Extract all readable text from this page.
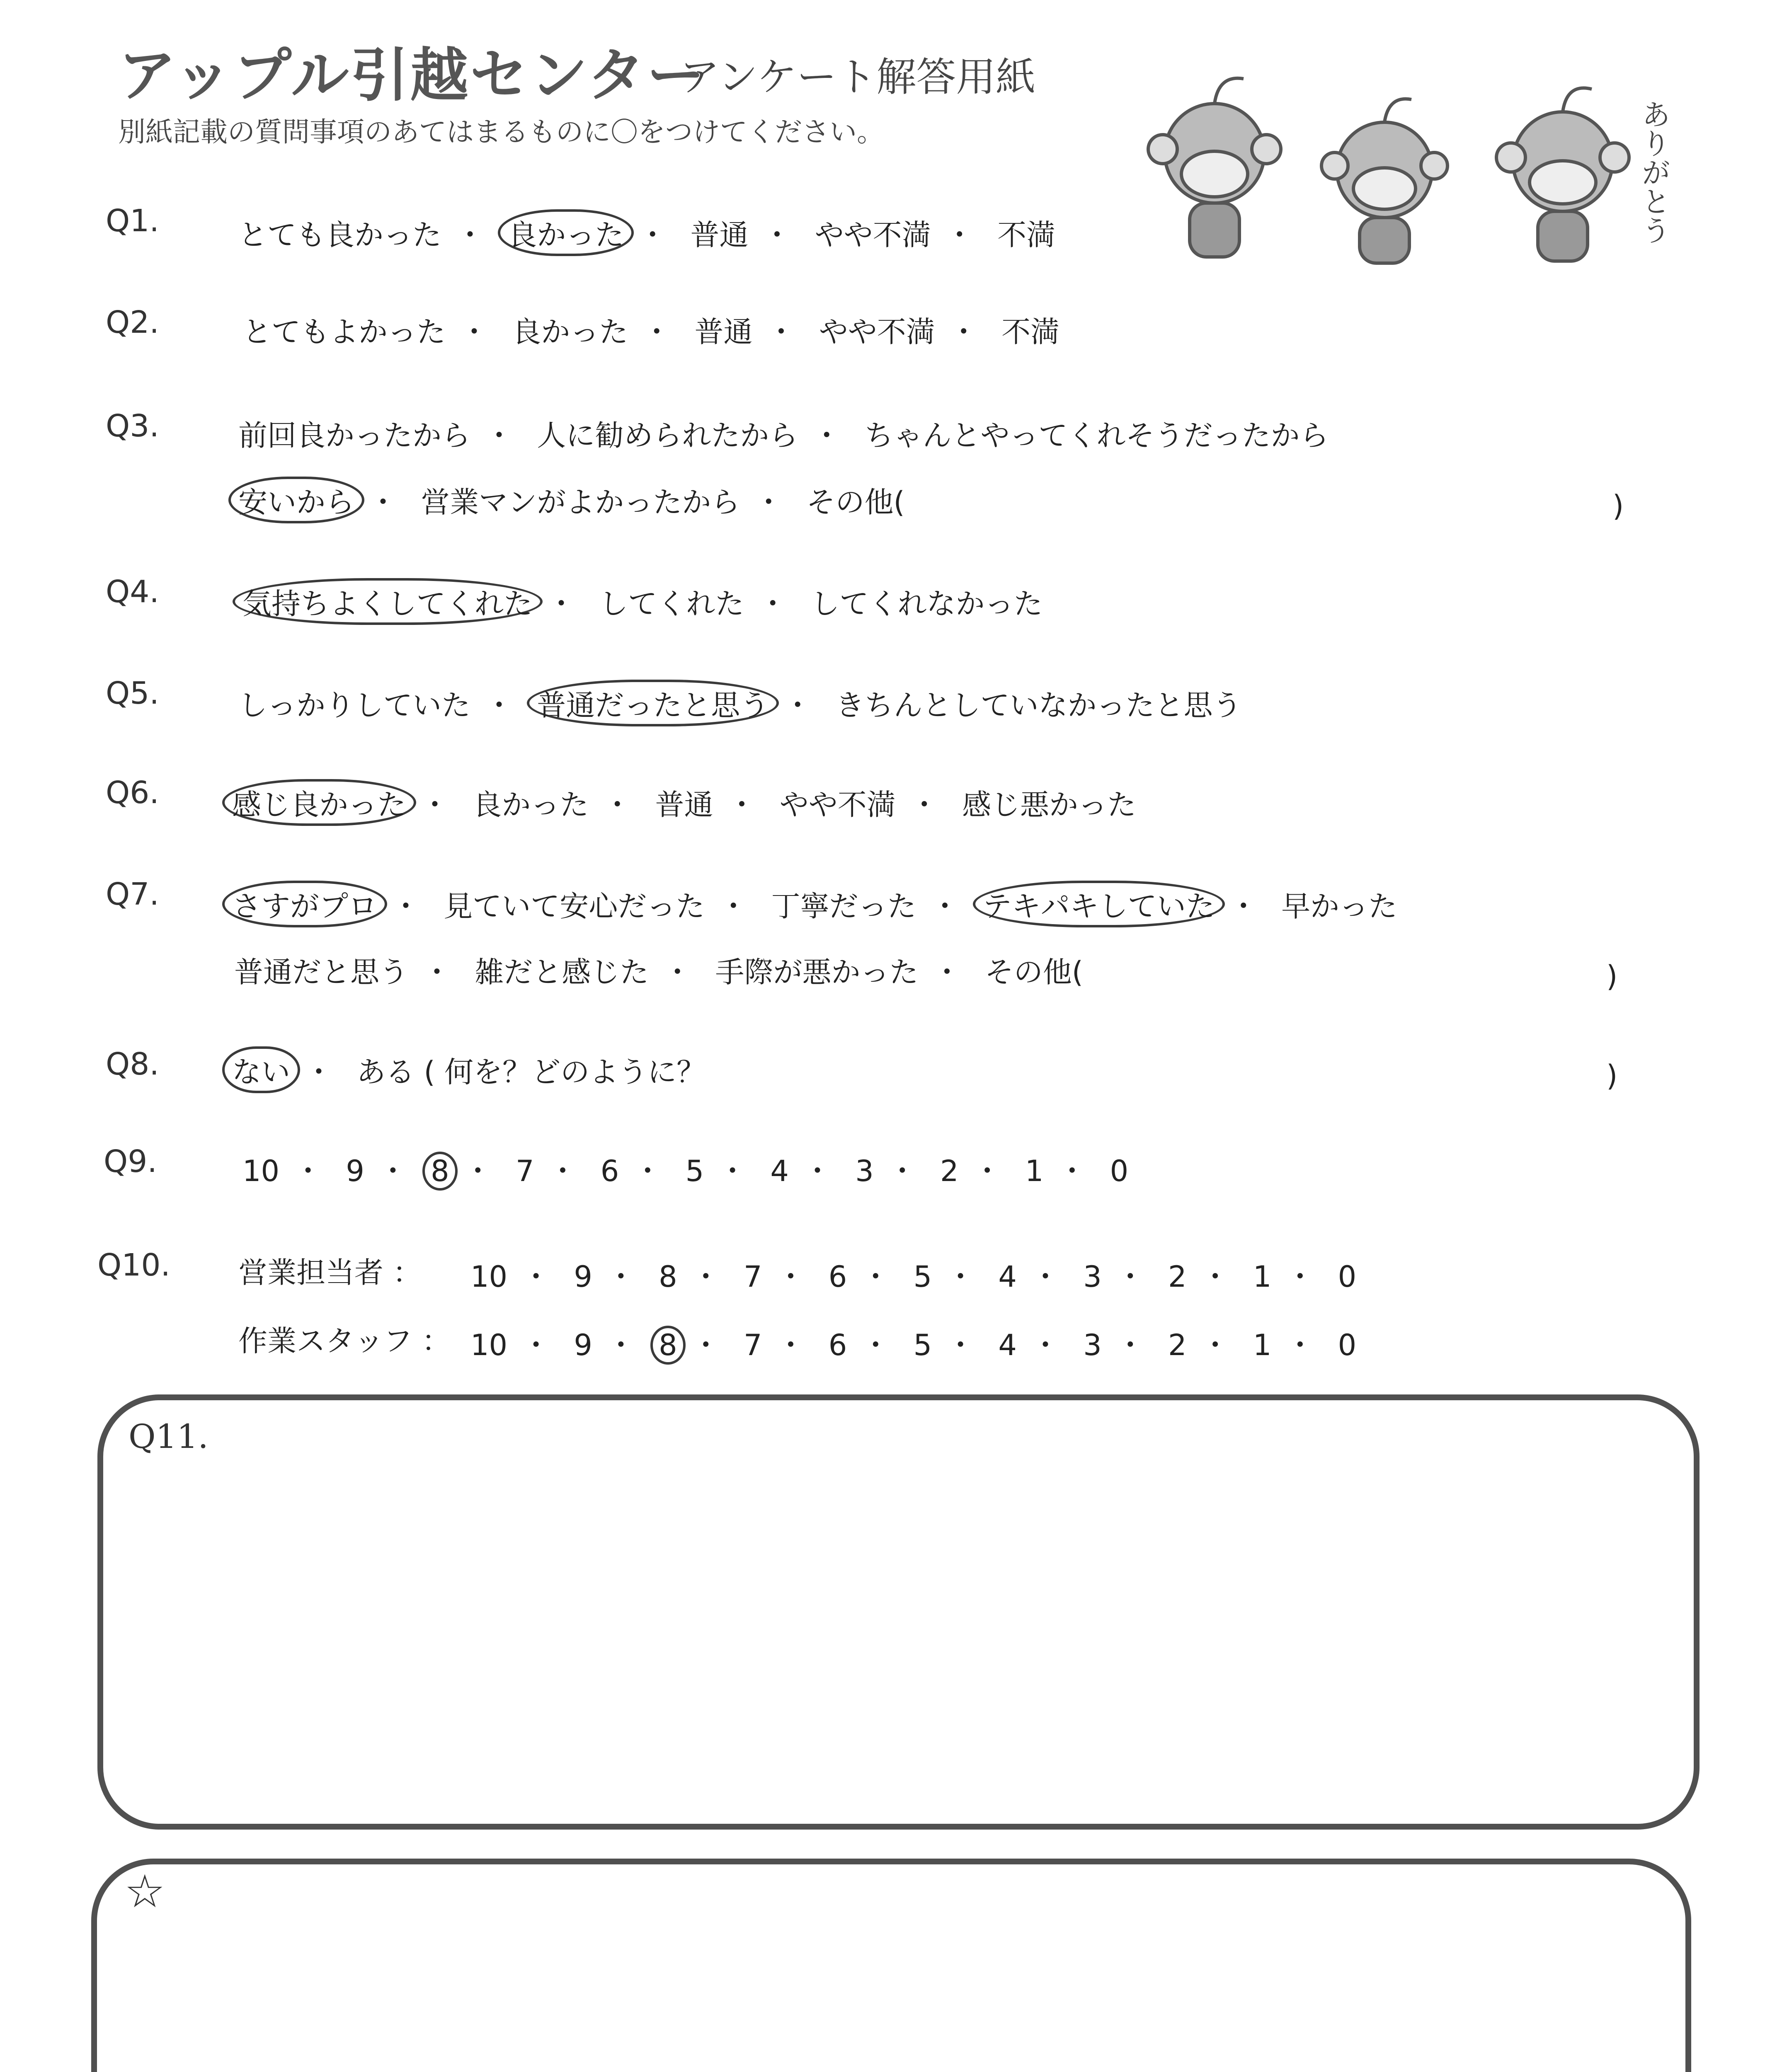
アップル引越センター
アンケート解答用紙
別紙記載の質問事項のあてはまるものに〇をつけてください。	ありがとう
Q1.	とても良かった ・ 良かった ・ 普通 ・ やや不満 ・ 不満
Q2.	とてもよかった ・ 良かった ・ 普通 ・ やや不満 ・ 不満
Q3.	前回良かったから ・ 人に勧められたから ・ ちゃんとやってくれそうだったから
安いから ・ 営業マンがよかったから ・ その他(	)
Q4.	気持ちよくしてくれた ・ してくれた ・ してくれなかった
Q5.	しっかりしていた ・ 普通だったと思う ・ きちんとしていなかったと思う
Q6.	感じ良かった ・ 良かった ・ 普通 ・ やや不満 ・ 感じ悪かった
Q7.	さすがプロ ・ 見ていて安心だった ・ 丁寧だった ・ テキパキしていた ・ 早かった
普通だと思う ・ 雑だと感じた ・ 手際が悪かった ・ その他(	)
Q8.	ない ・ ある ( 何を？どのように？	)
Q9.	10 ・ 9 ・ 8 ・ 7 ・ 6 ・ 5 ・ 4 ・ 3 ・ 2 ・ 1 ・ 0
Q10. 営業担当者 ： 10 ・ 9 ・ 8 ・ 7 ・ 6 ・ 5 ・ 4 ・ 3 ・ 2 ・ 1 ・ 0
作業スタッフ ： 10 ・ 9 ・ 8 ・ 7 ・ 6 ・ 5 ・ 4 ・ 3 ・ 2 ・ 1 ・ 0
Q11.
☆
